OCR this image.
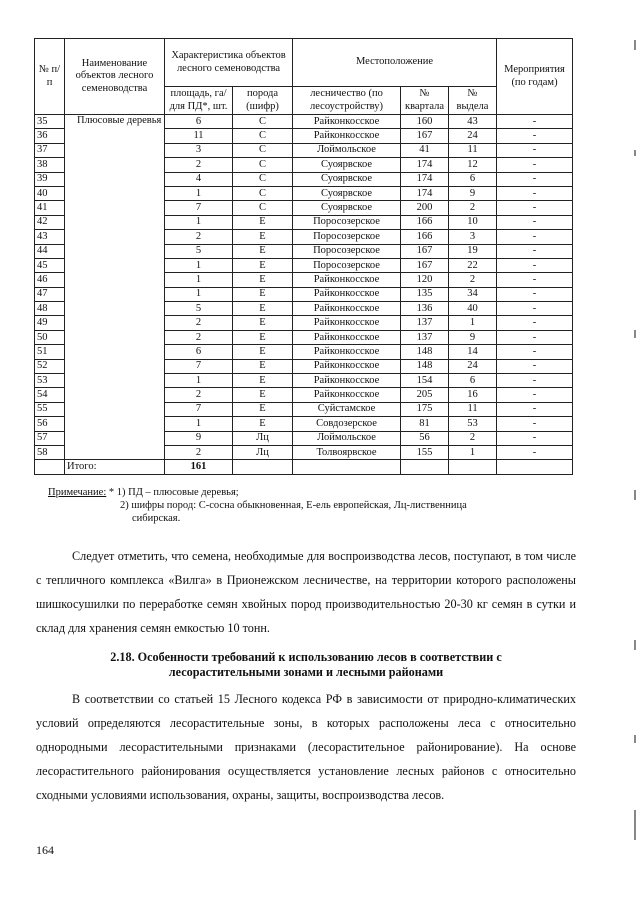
№ п/п	Наименование объектов лесного семеноводства	Характеристика объектов лесного семеноводства		Местоположение			Мероприятия (по годам)
		площадь, га/ для ПД*, шт.	порода (шифр)	лесничество (по лесоустройству)	№ квартала	№ выдела	
35	Плюсовые деревья	6	С	Райконкосское	160	43	-
36		11	С	Райконкосское	167	24	-
37		3	С	Лоймольское	41	11	-
38		2	С	Суоярвское	174	12	-
39		4	С	Суоярвское	174	6	-
40		1	С	Суоярвское	174	9	-
41		7	С	Суоярвское	200	2	-
42		1	Е	Поросозерское	166	10	-
43		2	Е	Поросозерское	166	3	-
44		5	Е	Поросозерское	167	19	-
45		1	Е	Поросозерское	167	22	-
46		1	Е	Райконкосское	120	2	-
47		1	Е	Райконкосское	135	34	-
48		5	Е	Райконкосское	136	40	-
49		2	Е	Райконкосское	137	1	-
50		2	Е	Райконкосское	137	9	-
51		6	Е	Райконкосское	148	14	-
52		7	Е	Райконкосское	148	24	-
53		1	Е	Райконкосское	154	6	-
54		2	Е	Райконкосское	205	16	-
55		7	Е	Суйстамское	175	11	-
56		1	Е	Совдозерское	81	53	-
57		9	Лц	Лоймольское	56	2	-
58		2	Лц	Толвоярвское	155	1	-
	Итого:	161					
Примечание: * 1) ПД – плюсовые деревья;
2) шифры пород: С-сосна обыкновенная, Е-ель европейская, Лц-лиственница
сибирская.

Следует отметить, что семена, необходимые для воспроизводства лесов, поступают, в том числе с тепличного комплекса «Вилга» в Прионежском лесничестве, на территории которого расположены шишкосушилки по переработке семян хвойных пород производительностью 20-30 кг семян в сутки и склад для хранения семян емкостью 10 тонн.

2.18. Особенности требований к использованию лесов в соответствии с
лесорастительными зонами и лесными районами

В соответствии со статьей 15 Лесного кодекса РФ в зависимости от природно-климатических условий определяются лесорастительные зоны, в которых расположены леса с относительно однородными лесорастительными признаками (лесорастительное районирование). На основе лесорастительного районирования осуществляется установление лесных районов с относительно сходными условиями использования, охраны, защиты, воспроизводства лесов.

164
